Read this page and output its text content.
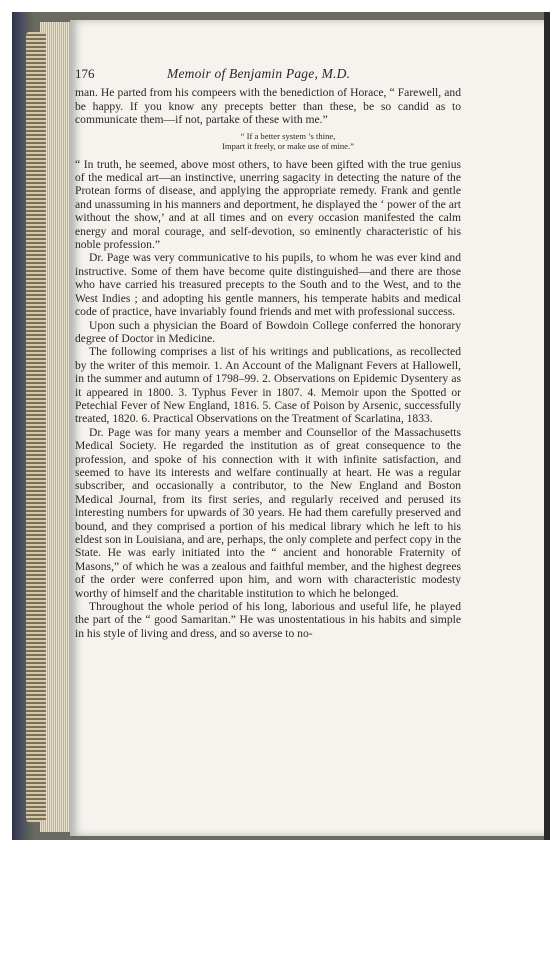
176	Memoir of Benjamin Page, M.D.

man. He parted from his compeers with the benediction of Horace, “ Farewell, and be happy. If you know any precepts better than these, be so candid as to communicate them—if not, partake of these with me.”

“ If a better system ’s thine,
Impart it freely, or make use of mine.”

“ In truth, he seemed, above most others, to have been gifted with the true genius of the medical art—an instinctive, unerring sagacity in detecting the nature of the Protean forms of disease, and applying the appropriate remedy. Frank and gentle and unassuming in his manners and deportment, he displayed the ‘ power of the art without the show,’ and at all times and on every occasion manifested the calm energy and moral courage, and self-devotion, so eminently characteristic of his noble profession.”

Dr. Page was very communicative to his pupils, to whom he was ever kind and instructive. Some of them have become quite distinguished—and there are those who have carried his treasured precepts to the South and to the West, and to the West Indies ; and adopting his gentle manners, his temperate habits and medical code of practice, have invariably found friends and met with professional success.

Upon such a physician the Board of Bowdoin College conferred the honorary degree of Doctor in Medicine.

The following comprises a list of his writings and publications, as recollected by the writer of this memoir. 1. An Account of the Malignant Fevers at Hallowell, in the summer and autumn of 1798–99. 2. Observations on Epidemic Dysentery as it appeared in 1800. 3. Typhus Fever in 1807. 4. Memoir upon the Spotted or Petechial Fever of New England, 1816. 5. Case of Poison by Arsenic, successfully treated, 1820. 6. Practical Observations on the Treatment of Scarlatina, 1833.

Dr. Page was for many years a member and Counsellor of the Massachusetts Medical Society. He regarded the institution as of great consequence to the profession, and spoke of his connection with it with infinite satisfaction, and seemed to have its interests and welfare continually at heart. He was a regular subscriber, and occasionally a contributor, to the New England and Boston Medical Journal, from its first series, and regularly received and perused its interesting numbers for upwards of 30 years. He had them carefully preserved and bound, and they comprised a portion of his medical library which he left to his eldest son in Louisiana, and are, perhaps, the only complete and perfect copy in the State. He was early initiated into the “ ancient and honorable Fraternity of Masons,” of which he was a zealous and faithful member, and the highest degrees of the order were conferred upon him, and worn with characteristic modesty worthy of himself and the charitable institution to which he belonged.

Throughout the whole period of his long, laborious and useful life, he played the part of the “ good Samaritan.” He was unostentatious in his habits and simple in his style of living and dress, and so averse to no-
